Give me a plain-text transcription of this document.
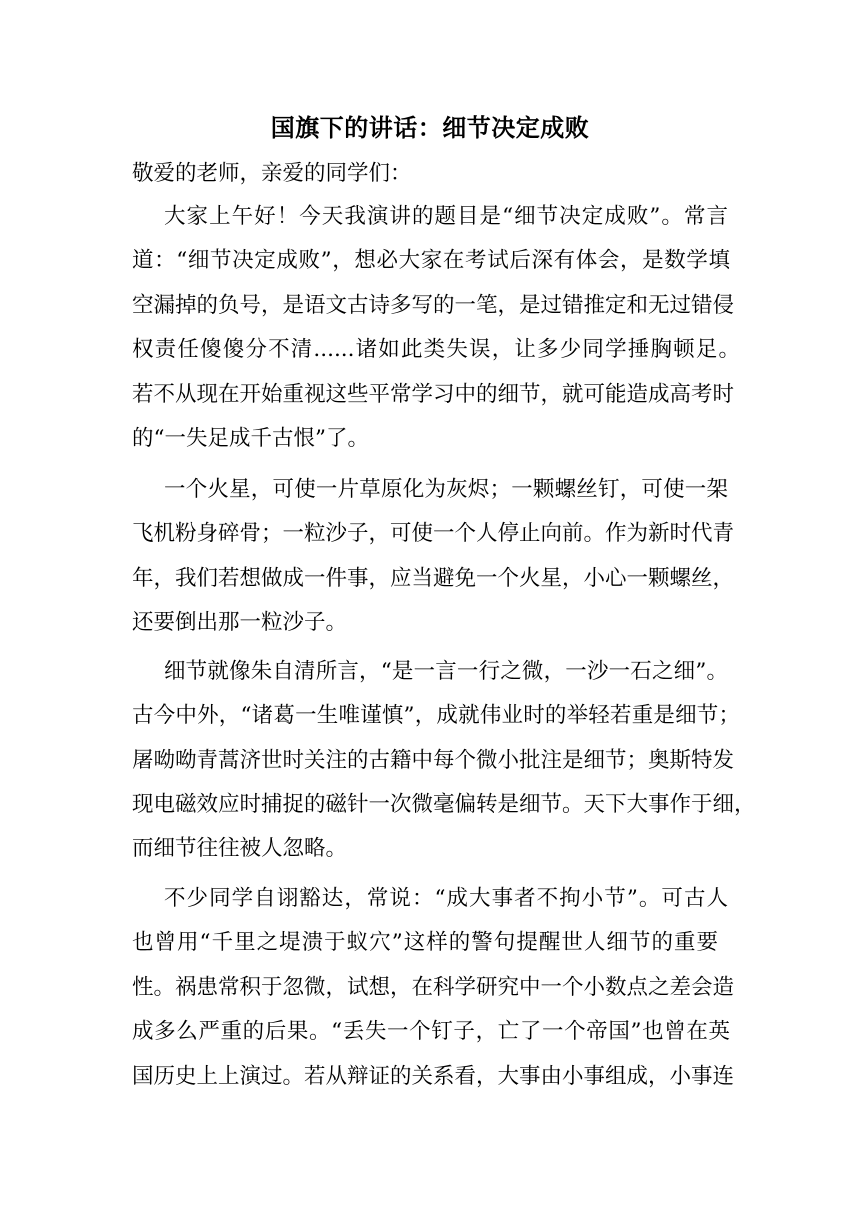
国旗下的讲话：细节决定成败
敬爱的老师，亲爱的同学们：
大家上午好！今天我演讲的题目是“细节决定成败”。常言
道：“细节决定成败”，想必大家在考试后深有体会，是数学填
空漏掉的负号，是语文古诗多写的一笔，是过错推定和无过错侵
权责任傻傻分不清......诸如此类失误，让多少同学捶胸顿足。
若不从现在开始重视这些平常学习中的细节，就可能造成高考时
的“一失足成千古恨”了。
一个火星，可使一片草原化为灰烬；一颗螺丝钉，可使一架
飞机粉身碎骨；一粒沙子，可使一个人停止向前。作为新时代青
年，我们若想做成一件事，应当避免一个火星，小心一颗螺丝，
还要倒出那一粒沙子。
细节就像朱自清所言，“是一言一行之微，一沙一石之细”。
古今中外，“诸葛一生唯谨慎”，成就伟业时的举轻若重是细节；
屠呦呦青蒿济世时关注的古籍中每个微小批注是细节；奥斯特发
现电磁效应时捕捉的磁针一次微毫偏转是细节。天下大事作于细，
而细节往往被人忽略。
不少同学自诩豁达，常说：“成大事者不拘小节”。可古人
也曾用“千里之堤溃于蚁穴”这样的警句提醒世人细节的重要
性。祸患常积于忽微，试想，在科学研究中一个小数点之差会造
成多么严重的后果。“丢失一个钉子，亡了一个帝国”也曾在英
国历史上上演过。若从辩证的关系看，大事由小事组成，小事连
